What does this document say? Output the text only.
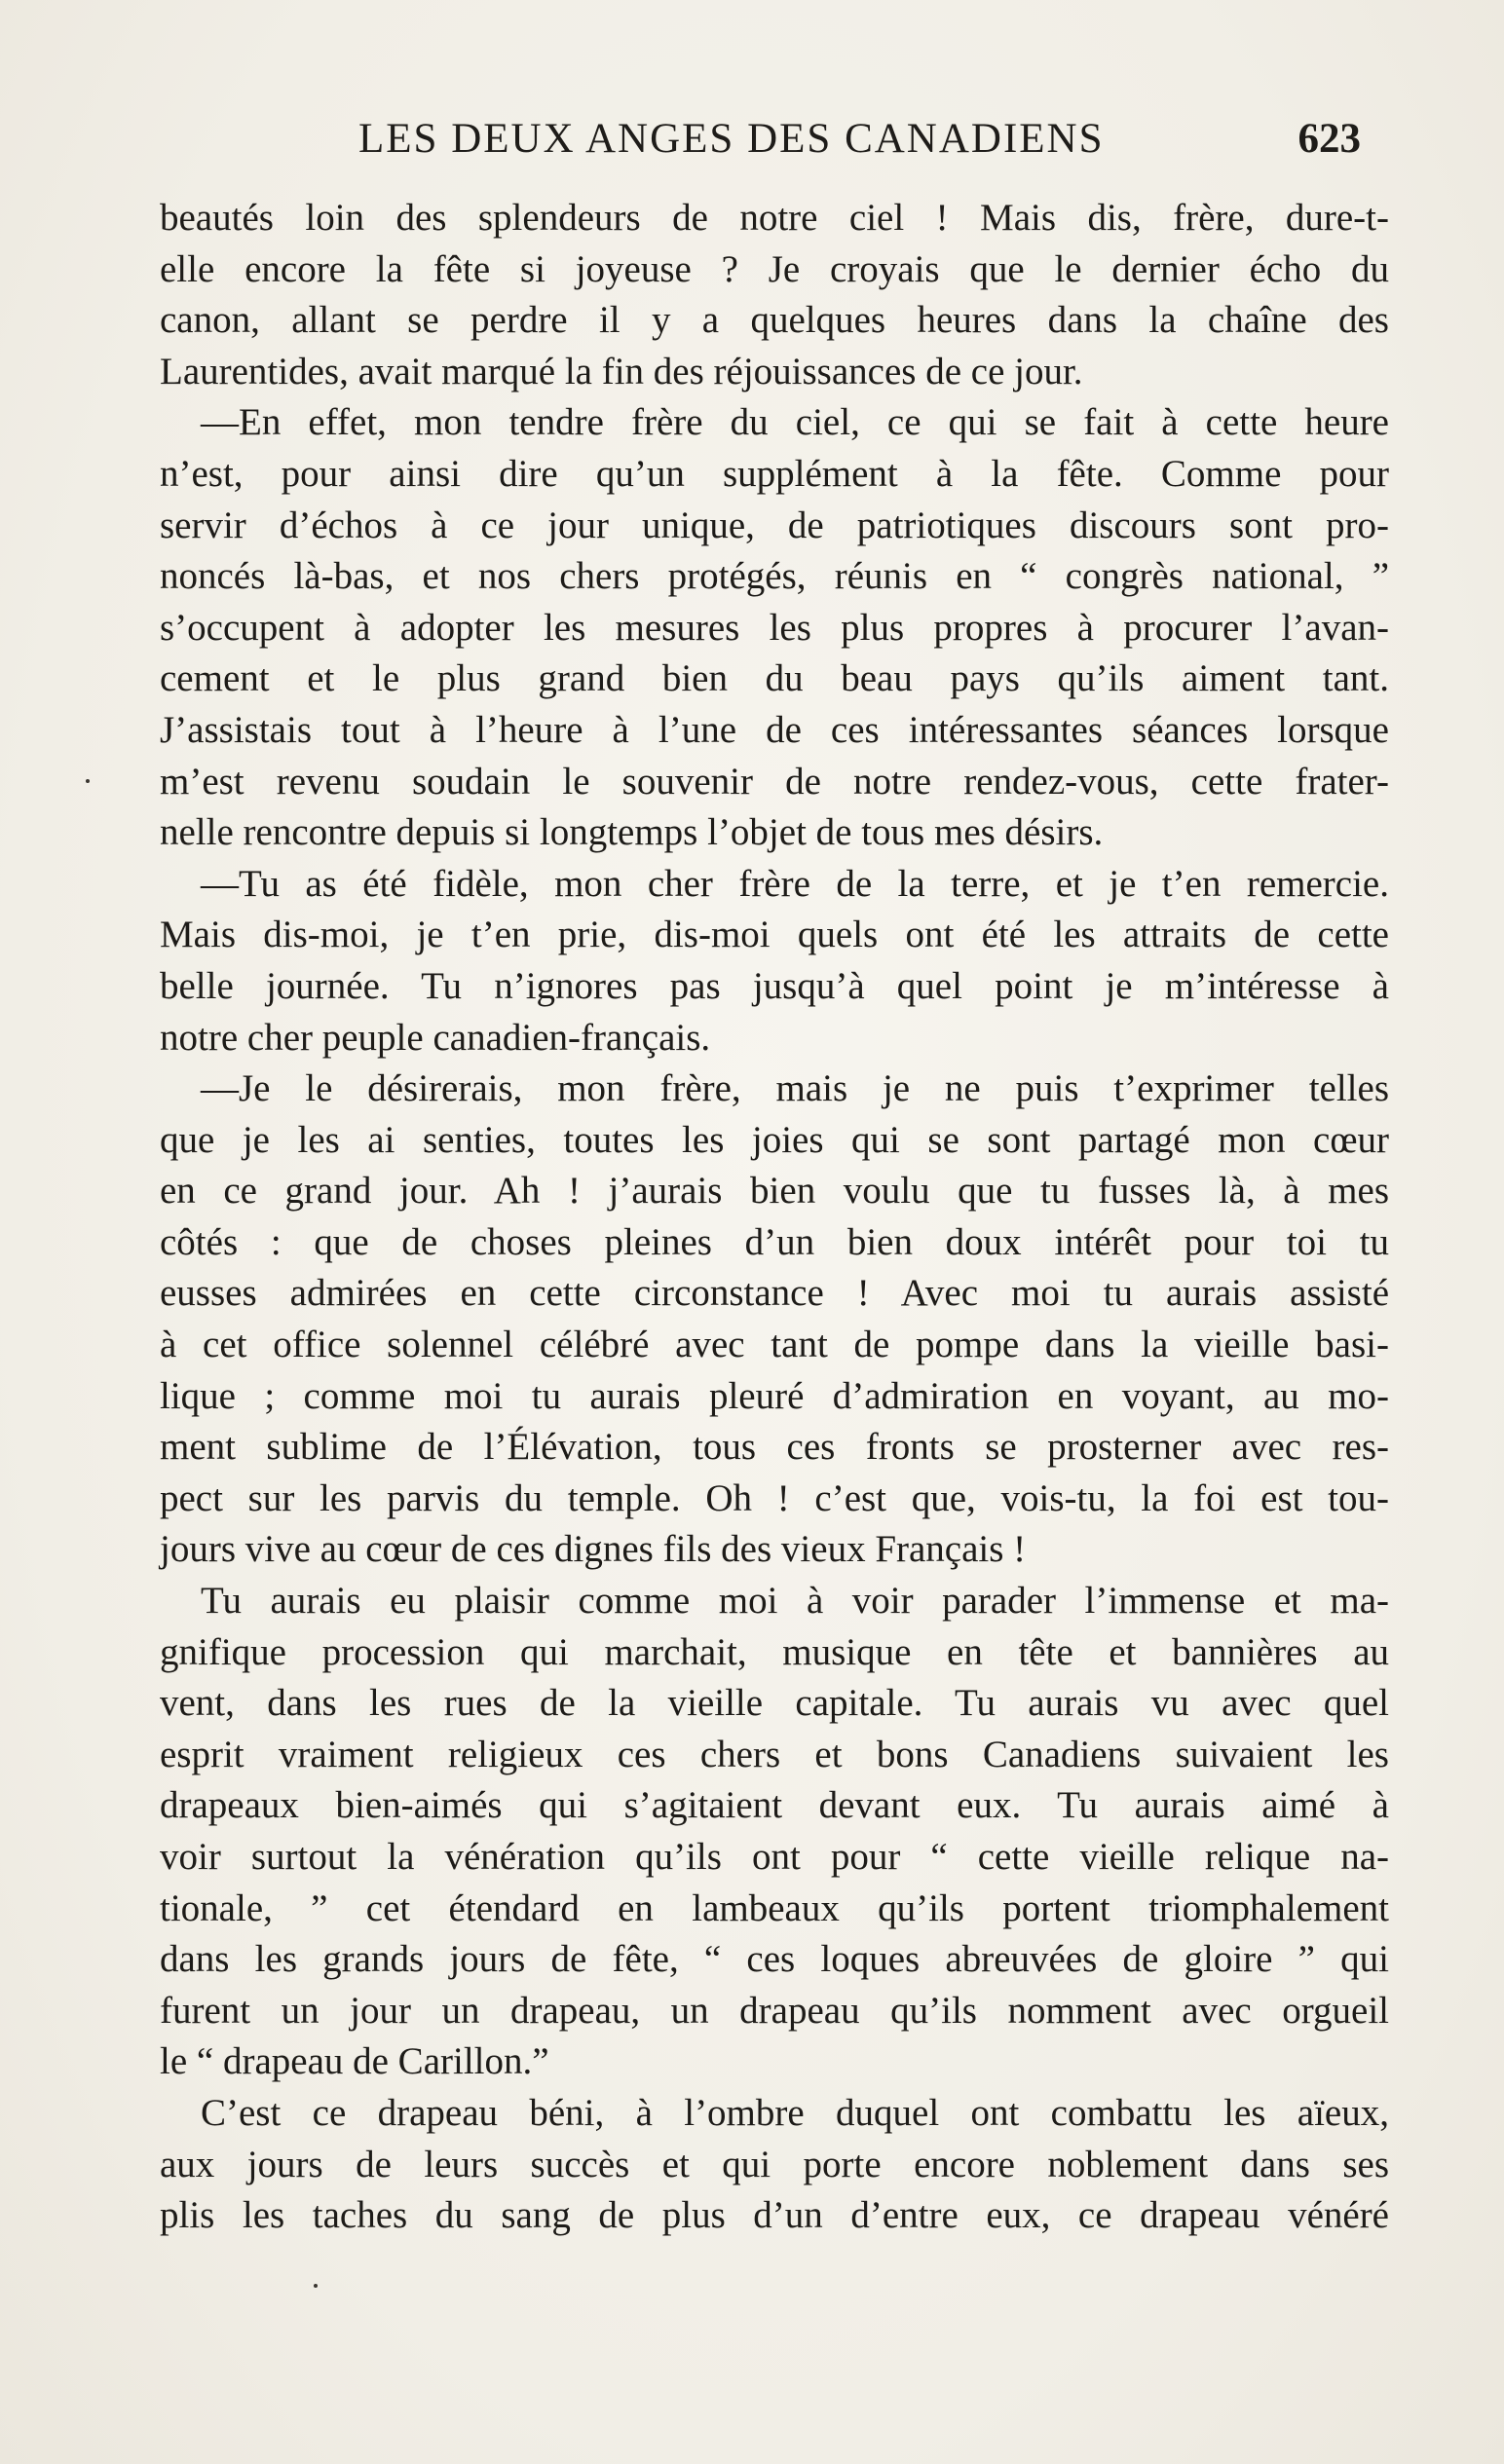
LES DEUX ANGES DES CANADIENS	623
beautés loin des splendeurs de notre ciel ! Mais dis, frère, dure-t-
elle encore la fête si joyeuse ? Je croyais que le dernier écho du
canon, allant se perdre il y a quelques heures dans la chaîne des
Laurentides, avait marqué la fin des réjouissances de ce jour.
—En effet, mon tendre frère du ciel, ce qui se fait à cette heure
n’est, pour ainsi dire qu’un supplément à la fête. Comme pour
servir d’échos à ce jour unique, de patriotiques discours sont pro-
noncés là-bas, et nos chers protégés, réunis en “ congrès national, ”
s’occupent à adopter les mesures les plus propres à procurer l’avan-
cement et le plus grand bien du beau pays qu’ils aiment tant.
J’assistais tout à l’heure à l’une de ces intéressantes séances lorsque
m’est revenu soudain le souvenir de notre rendez-vous, cette frater-
nelle rencontre depuis si longtemps l’objet de tous mes désirs.
—Tu as été fidèle, mon cher frère de la terre, et je t’en remercie.
Mais dis-moi, je t’en prie, dis-moi quels ont été les attraits de cette
belle journée. Tu n’ignores pas jusqu’à quel point je m’intéresse à
notre cher peuple canadien-français.
—Je le désirerais, mon frère, mais je ne puis t’exprimer telles
que je les ai senties, toutes les joies qui se sont partagé mon cœur
en ce grand jour. Ah ! j’aurais bien voulu que tu fusses là, à mes
côtés : que de choses pleines d’un bien doux intérêt pour toi tu
eusses admirées en cette circonstance ! Avec moi tu aurais assisté
à cet office solennel célébré avec tant de pompe dans la vieille basi-
lique ; comme moi tu aurais pleuré d’admiration en voyant, au mo-
ment sublime de l’Élévation, tous ces fronts se prosterner avec res-
pect sur les parvis du temple. Oh ! c’est que, vois-tu, la foi est tou-
jours vive au cœur de ces dignes fils des vieux Français !
Tu aurais eu plaisir comme moi à voir parader l’immense et ma-
gnifique procession qui marchait, musique en tête et bannières au
vent, dans les rues de la vieille capitale. Tu aurais vu avec quel
esprit vraiment religieux ces chers et bons Canadiens suivaient les
drapeaux bien-aimés qui s’agitaient devant eux. Tu aurais aimé à
voir surtout la vénération qu’ils ont pour “ cette vieille relique na-
tionale, ” cet étendard en lambeaux qu’ils portent triomphalement
dans les grands jours de fête, “ ces loques abreuvées de gloire ” qui
furent un jour un drapeau, un drapeau qu’ils nomment avec orgueil
le “ drapeau de Carillon.”
C’est ce drapeau béni, à l’ombre duquel ont combattu les aïeux,
aux jours de leurs succès et qui porte encore noblement dans ses
plis les taches du sang de plus d’un d’entre eux, ce drapeau vénéré
